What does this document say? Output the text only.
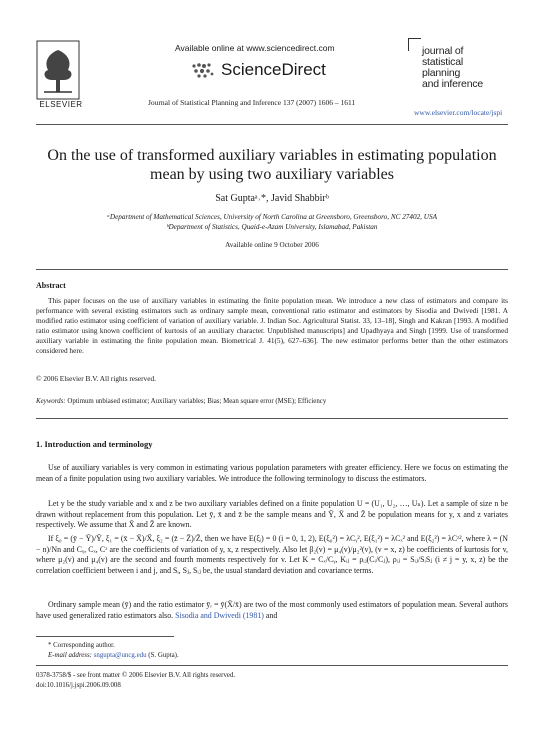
ELSEVIER
Available online at www.sciencedirect.com
ScienceDirect
Journal of Statistical Planning and Inference 137 (2007) 1606 – 1611
journal of
statistical planning
and inference
www.elsevier.com/locate/jspi
On the use of transformed auxiliary variables in estimating population mean by using two auxiliary variables
Sat Guptaᵃ˒*, Javid Shabbirᵇ
ᵃDepartment of Mathematical Sciences, University of North Carolina at Greensboro, Greensboro, NC 27402, USA
ᵇDepartment of Statistics, Quaid-e-Azam University, Islamabad, Pakistan
Available online 9 October 2006
Abstract
This paper focuses on the use of auxiliary variables in estimating the finite population mean. We introduce a new class of estimators and compare its performance with several existing estimators such as ordinary sample mean, conventional ratio estimator and estimators by Sisodia and Dwivedi [1981. A modified ratio estimator using coefficient of variation of auxiliary variable. J. Indian Soc. Agricultural Statist. 33, 13–18], Singh and Kakran [1993. A modified ratio estimator using known coefficient of kurtosis of an auxiliary character. Unpublished manuscripts] and Upadhyaya and Singh [1999. Use of transformed auxiliary variable in estimating the finite population mean. Biometrical J. 41(5), 627–636]. The new estimator performs better than the other estimators considered here.
© 2006 Elsevier B.V. All rights reserved.
Keywords: Optimum unbiased estimator; Auxiliary variables; Bias; Mean square error (MSE); Efficiency
1. Introduction and terminology
Use of auxiliary variables is very common in estimating various population parameters with greater efficiency. Here we focus on estimating the mean of a finite population using two auxiliary variables. We introduce the following terminology to discuss the estimators.
Let y be the study variable and x and z be two auxiliary variables defined on a finite population U = (U₁, U₂, …, Uₙ). Let a sample of size n be drawn without replacement from this population. Let ȳ, x̄ and z̄ be the sample means and Ȳ, X̄ and Z̄ be population means for y, x and z variates respectively. We assume that X̄ and Z̄ are known.
If ξ₀ = (ȳ − Ȳ)/Ȳ, ξ₁ = (x̄ − X̄)/X̄, ξ₂ = (z̄ − Z̄)/Z̄, then we have E(ξᵢ) = 0 (i = 0, 1, 2), E(ξ₀²) = λCᵧ², E(ξ₁²) = λCₓ² and E(ξ₂²) = λCᶻ², where λ = (N − n)/Nn and Cᵧ, Cₓ, Cᶻ are the coefficients of variation of y, x, z respectively. Also let β₂(v) = μ₄(v)/μ₂²(v), (v = x, z) be coefficients of kurtosis for v, where μ₂(v) and μ₄(v) are the second and fourth moments respectively for v. Let K = Cₓ/Cᵧ, Kᵢⱼ = ρᵢⱼ(Cᵢ/Cⱼ), ρᵢⱼ = Sᵢⱼ/SᵢSⱼ (i ≠ j = y, x, z) be the correlation coefficient between i and j, and Sᵢ, Sⱼ, Sᵢⱼ be, the usual standard deviation and covariance terms.
Ordinary sample mean (ȳ) and the ratio estimator ȳᵣ = ȳ(X̄/x̄) are two of the most commonly used estimators of population mean. Several authors have used generalized ratio estimators also. Sisodia and Dwivedi (1981) and
* Corresponding author.
E-mail address: sngupta@uncg.edu (S. Gupta).
0378-3758/$ - see front matter © 2006 Elsevier B.V. All rights reserved.
doi:10.1016/j.jspi.2006.09.008
